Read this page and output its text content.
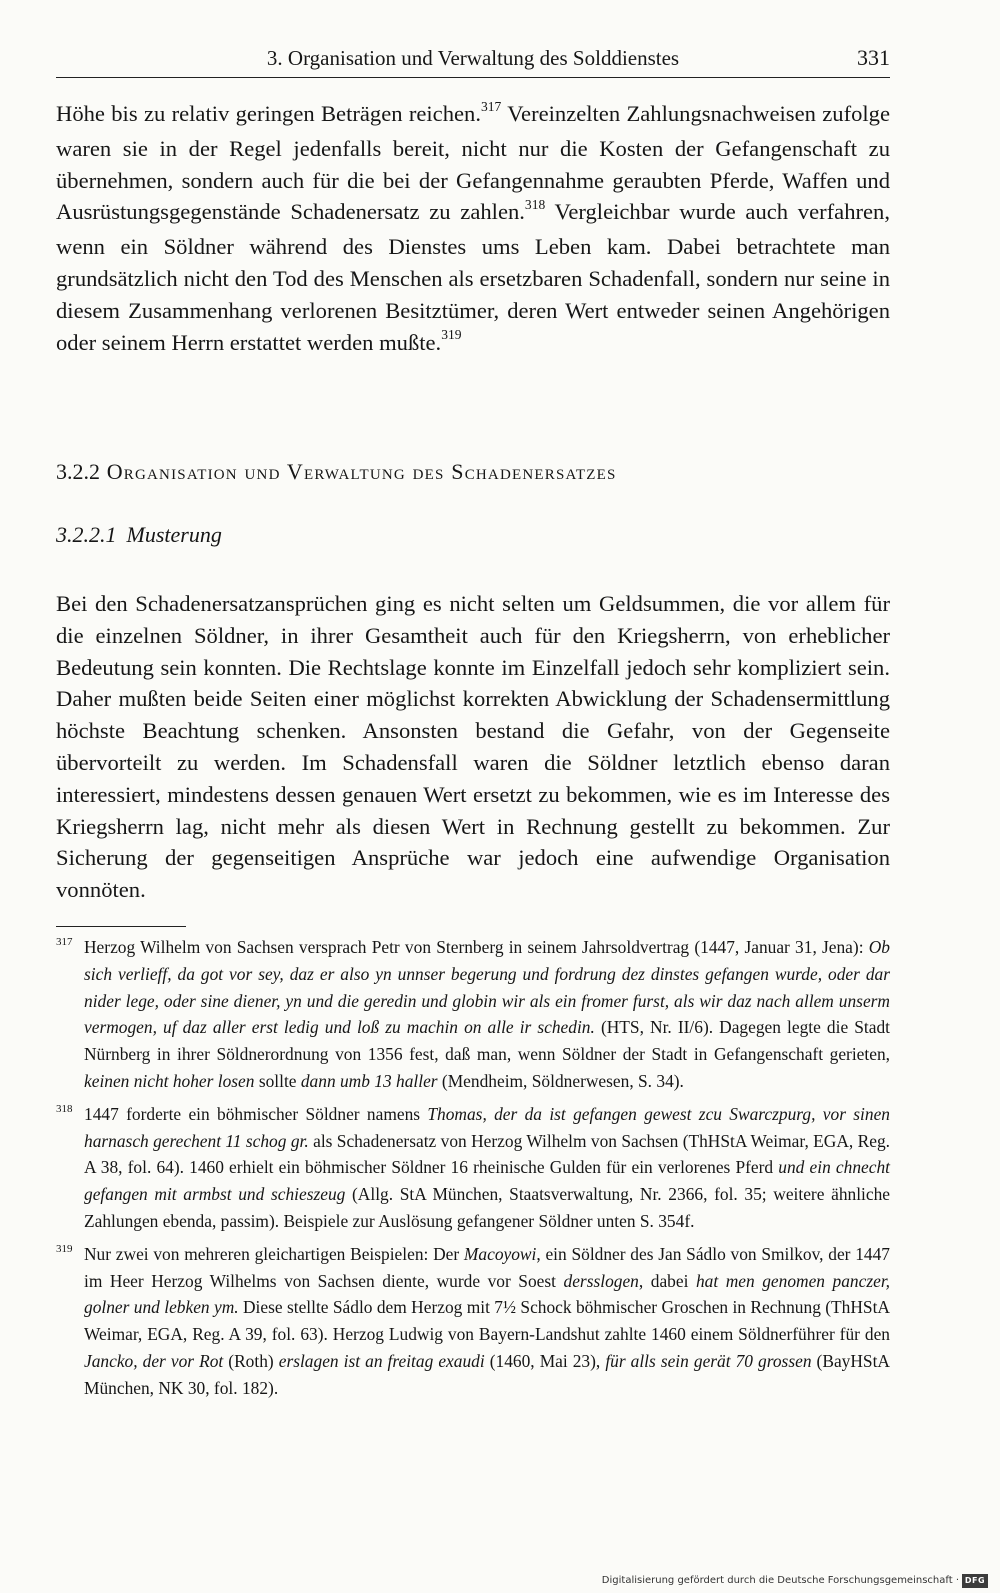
3. Organisation und Verwaltung des Solddienstes	331

Höhe bis zu relativ geringen Beträgen reichen.$^{317}$ Vereinzelten Zahlungsnachweisen zufolge waren sie in der Regel jedenfalls bereit, nicht nur die Kosten der Gefangenschaft zu übernehmen, sondern auch für die bei der Gefangennahme geraubten Pferde, Waffen und Ausrüstungsgegenstände Schadenersatz zu zahlen.$^{318}$ Vergleichbar wurde auch verfahren, wenn ein Söldner während des Dienstes ums Leben kam. Dabei betrachtete man grundsätzlich nicht den Tod des Menschen als ersetzbaren Schadenfall, sondern nur seine in diesem Zusammenhang verlorenen Besitztümer, deren Wert entweder seinen Angehörigen oder seinem Herrn erstattet werden mußte.$^{319}$

3.2.2 Organisation und Verwaltung des Schadenersatzes
3.2.2.1 Musterung

Bei den Schadenersatzansprüchen ging es nicht selten um Geldsummen, die vor allem für die einzelnen Söldner, in ihrer Gesamtheit auch für den Kriegsherrn, von erheblicher Bedeutung sein konnten. Die Rechtslage konnte im Einzelfall jedoch sehr kompliziert sein. Daher mußten beide Seiten einer möglichst korrekten Abwicklung der Schadensermittlung höchste Beachtung schenken. Ansonsten bestand die Gefahr, von der Gegenseite übervorteilt zu werden. Im Schadensfall waren die Söldner letztlich ebenso daran interessiert, mindestens dessen genauen Wert ersetzt zu bekommen, wie es im Interesse des Kriegsherrn lag, nicht mehr als diesen Wert in Rechnung gestellt zu bekommen. Zur Sicherung der gegenseitigen Ansprüche war jedoch eine aufwendige Organisation vonnöten.

317 Herzog Wilhelm von Sachsen versprach Petr von Sternberg in seinem Jahrsoldvertrag (1447, Januar 31, Jena): Ob sich verlieff, da got vor sey, daz er also yn unnser begerung und fordrung dez dinstes gefangen wurde, oder dar nider lege, oder sine diener, yn und die geredin und globin wir als ein fromer furst, als wir daz nach allem unserm vermogen, uf daz aller erst ledig und loß zu machin on alle ir schedin. (HTS, Nr. II/6). Dagegen legte die Stadt Nürnberg in ihrer Söldnerordnung von 1356 fest, daß man, wenn Söldner der Stadt in Gefangenschaft gerieten, keinen nicht hoher losen sollte dann umb 13 haller (Mendheim, Söldnerwesen, S. 34).

318 1447 forderte ein böhmischer Söldner namens Thomas, der da ist gefangen gewest zcu Swarczpurg, vor sinen harnasch gerechent 11 schog gr. als Schadenersatz von Herzog Wilhelm von Sachsen (ThHStA Weimar, EGA, Reg. A 38, fol. 64). 1460 erhielt ein böhmischer Söldner 16 rheinische Gulden für ein verlorenes Pferd und ein chnecht gefangen mit armbst und schieszeug (Allg. StA München, Staatsverwaltung, Nr. 2366, fol. 35; weitere ähnliche Zahlungen ebenda, passim). Beispiele zur Auslösung gefangener Söldner unten S. 354f.

319 Nur zwei von mehreren gleichartigen Beispielen: Der Macoyowi, ein Söldner des Jan Sádlo von Smilkov, der 1447 im Heer Herzog Wilhelms von Sachsen diente, wurde vor Soest dersslogen, dabei hat men genomen panczer, golner und lebken ym. Diese stellte Sádlo dem Herzog mit 7½ Schock böhmischer Groschen in Rechnung (ThHStA Weimar, EGA, Reg. A 39, fol. 63). Herzog Ludwig von Bayern-Landshut zahlte 1460 einem Söldnerführer für den Jancko, der vor Rot (Roth) erslagen ist an freitag exaudi (1460, Mai 23), für alls sein gerät 70 grossen (BayHStA München, NK 30, fol. 182).

Digitalisierung gefördert durch die Deutsche Forschungsgemeinschaft · DFG
